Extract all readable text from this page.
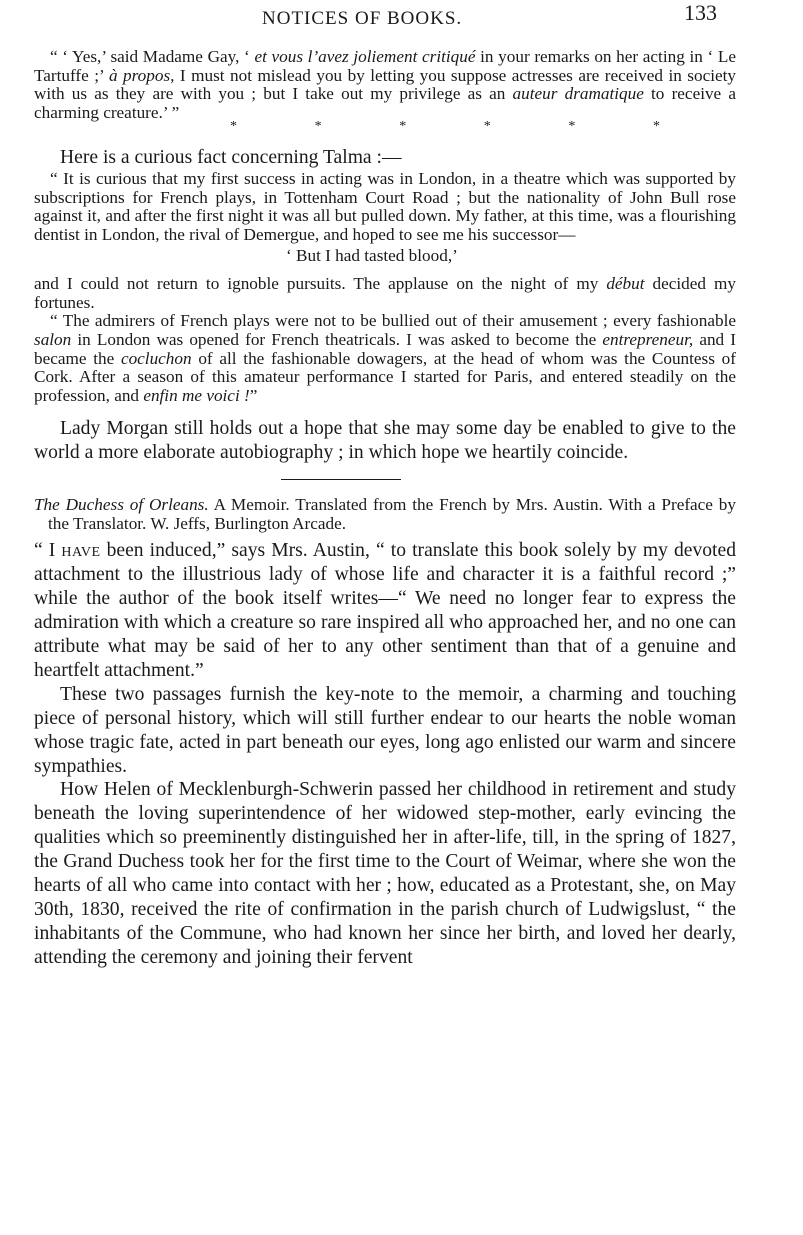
NOTICES OF BOOKS.	133

“ ‘ Yes,’ said Madame Gay, ‘ et vous l’avez joliement critiqué in your remarks on her acting in ‘ Le Tartuffe ;’ à propos, I must not mislead you by letting you suppose actresses are received in society with us as they are with you ; but I take out my privilege as an auteur dramatique to receive a charming creature.’ ”

*	*	*	*	*	*

Here is a curious fact concerning Talma :—

“ It is curious that my first success in acting was in London, in a theatre which was supported by subscriptions for French plays, in Tottenham Court Road ; but the nationality of John Bull rose against it, and after the first night it was all but pulled down. My father, at this time, was a flourishing dentist in London, the rival of Demergue, and hoped to see me his successor—

‘ But I had tasted blood,’

and I could not return to ignoble pursuits. The applause on the night of my début decided my fortunes.

“ The admirers of French plays were not to be bullied out of their amusement ; every fashionable salon in London was opened for French theatricals. I was asked to become the entrepreneur, and I became the cocluchon of all the fashionable dowagers, at the head of whom was the Countess of Cork. After a season of this amateur performance I started for Paris, and entered steadily on the profession, and enfin me voici !”

Lady Morgan still holds out a hope that she may some day be enabled to give to the world a more elaborate autobiography ; in which hope we heartily coincide.

The Duchess of Orleans. A Memoir. Translated from the French by Mrs. Austin. With a Preface by the Translator. W. Jeffs, Burlington Arcade.

“ I have been induced,” says Mrs. Austin, “ to translate this book solely by my devoted attachment to the illustrious lady of whose life and character it is a faithful record ;” while the author of the book itself writes—“ We need no longer fear to express the admiration with which a creature so rare inspired all who approached her, and no one can attribute what may be said of her to any other sentiment than that of a genuine and heartfelt attachment.”

These two passages furnish the key-note to the memoir, a charming and touching piece of personal history, which will still further endear to our hearts the noble woman whose tragic fate, acted in part beneath our eyes, long ago enlisted our warm and sincere sympathies.

How Helen of Mecklenburgh-Schwerin passed her childhood in retirement and study beneath the loving superintendence of her widowed step-mother, early evincing the qualities which so preeminently distinguished her in after-life, till, in the spring of 1827, the Grand Duchess took her for the first time to the Court of Weimar, where she won the hearts of all who came into contact with her ; how, educated as a Protestant, she, on May 30th, 1830, received the rite of confirmation in the parish church of Ludwigslust, “ the inhabitants of the Commune, who had known her since her birth, and loved her dearly, attending the ceremony and joining their fervent
